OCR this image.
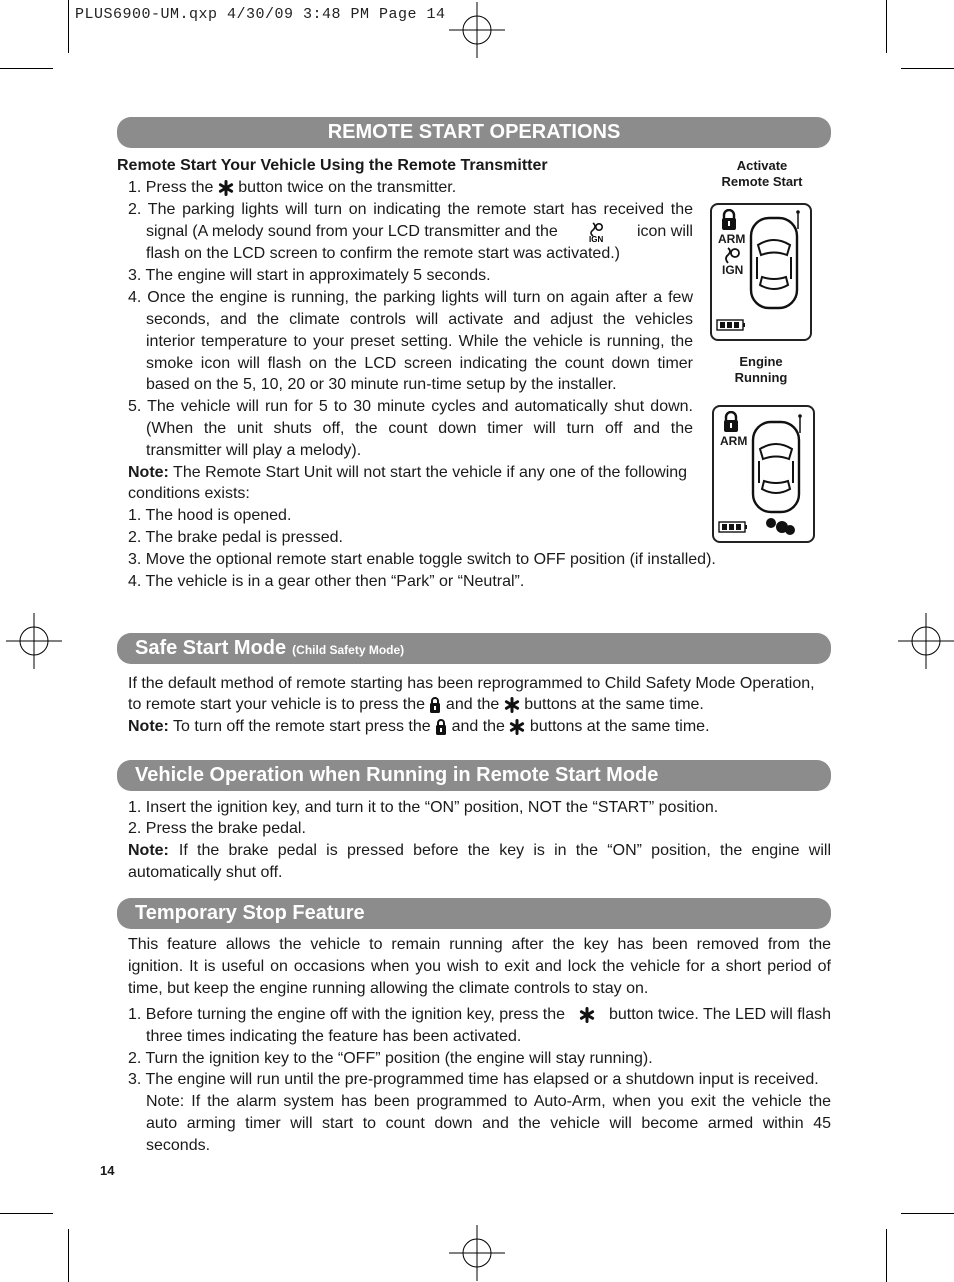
PLUS6900-UM.qxp 4/30/09 3:48 PM Page 14
REMOTE START OPERATIONS
Remote Start Your Vehicle Using the Remote Transmitter
1. Press the button twice on the transmitter.
2. The parking lights will turn on indicating the remote start has received the
signal (A melody sound from your LCD transmitter and the	IGN icon will
flash on the LCD screen to confirm the remote start was activated.)
3. The engine will start in approximately 5 seconds.
4. Once the engine is running, the parking lights will turn on again after a few
seconds, and the climate controls will activate and adjust the vehicles
interior temperature to your preset setting. While the vehicle is running, the
smoke icon will flash on the LCD screen indicating the count down timer
based on the 5, 10, 20 or 30 minute run-time setup by the installer.
5. The vehicle will run for 5 to 30 minute cycles and automatically shut down.
(When the unit shuts off, the count down timer will turn off and the
transmitter will play a melody).
Note: The Remote Start Unit will not start the vehicle if any one of the following
conditions exists:
1. The hood is opened.
2. The brake pedal is pressed.
3. Move the optional remote start enable toggle switch to OFF position (if installed).
4. The vehicle is in a gear other then “Park” or “Neutral”.
Activate
Remote Start
ARM
IGN
Engine
Running
ARM
Safe Start Mode (Child Safety Mode)
If the default method of remote starting has been reprogrammed to Child Safety Mode Operation,
to remote start your vehicle is to press the and the buttons at the same time.
Note: To turn off the remote start press the and the buttons at the same time.
Vehicle Operation when Running in Remote Start Mode
1. Insert the ignition key, and turn it to the “ON” position, NOT the “START” position.
2. Press the brake pedal.
Note: If the brake pedal is pressed before the key is in the “ON” position, the engine will
automatically shut off.
Temporary Stop Feature
This feature allows the vehicle to remain running after the key has been removed from the
ignition. It is useful on occasions when you wish to exit and lock the vehicle for a short period of
time, but keep the engine running allowing the climate controls to stay on.
1. Before turning the engine off with the ignition key, press the	button twice. The LED will flash
three times indicating the feature has been activated.
2. Turn the ignition key to the “OFF” position (the engine will stay running).
3. The engine will run until the pre-programmed time has elapsed or a shutdown input is received.
Note: If the alarm system has been programmed to Auto-Arm, when you exit the vehicle the
auto arming timer will start to count down and the vehicle will become armed within 45
seconds.
14
